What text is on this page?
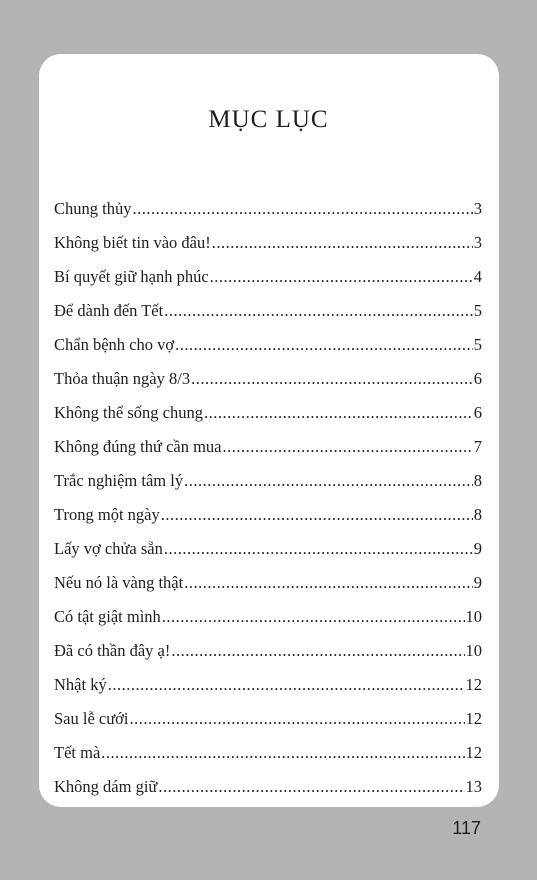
MỤC LỤC
Chung thủy .....	3
Không biết tin vào đâu! .....	3
Bí quyết giữ hạnh phúc .....	4
Để dành đến Tết .....	5
Chẩn bệnh cho vợ .....	5
Thỏa thuận ngày 8/3 .....	6
Không thể sống chung .....	6
Không đúng thứ cần mua .....	7
Trắc nghiệm tâm lý .....	8
Trong một ngày .....	8
Lấy vợ chửa sẵn .....	9
Nếu nó là vàng thật .....	9
Có tật giật mình .....	10
Đã có thần đây ạ! .....	10
Nhật ký .....	12
Sau lễ cưới .....	12
Tết mà .....	12
Không dám giữ .....	13
117
